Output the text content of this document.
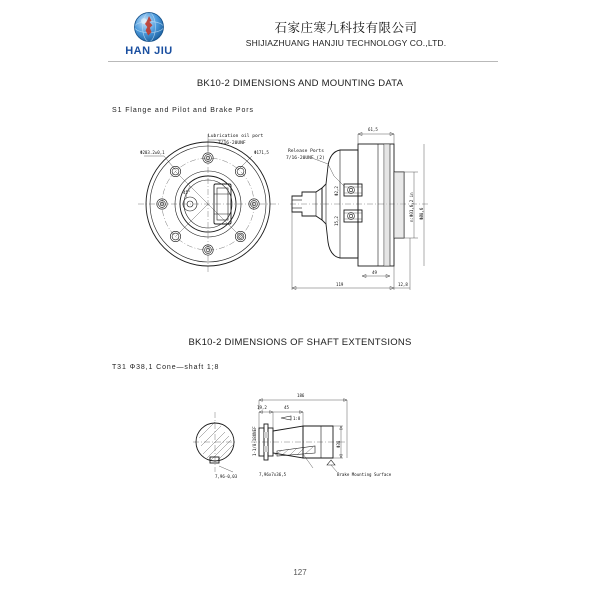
HAN JIU
石家庄寒九科技有限公司
SHIJIAZHUANG HANJIU TECHNOLOGY CO.,LTD.
BK10-2 DIMENSIONS AND MOUNTING DATA
S1 Flange and Pilot and Brake Pors
Lubrication oil port
7/16-20UNF
Φ171,5
Φ203.2±0,1
45°
Release Ports
7/16-20UNF (2)
61,5
n:Φ01,6,2 in ΦØ8,6
Φ2,2
15,2
49
119	12,8
BK10-2 DIMENSIONS OF SHAFT EXTENTSIONS
T31 Φ38,1 Cone—shaft 1;8
7,96-0,03
1:8
1-1/8-18UNEF
7,96x7x36,5	Brake Mounting Surface
19,2	45
186
Φ38
127
